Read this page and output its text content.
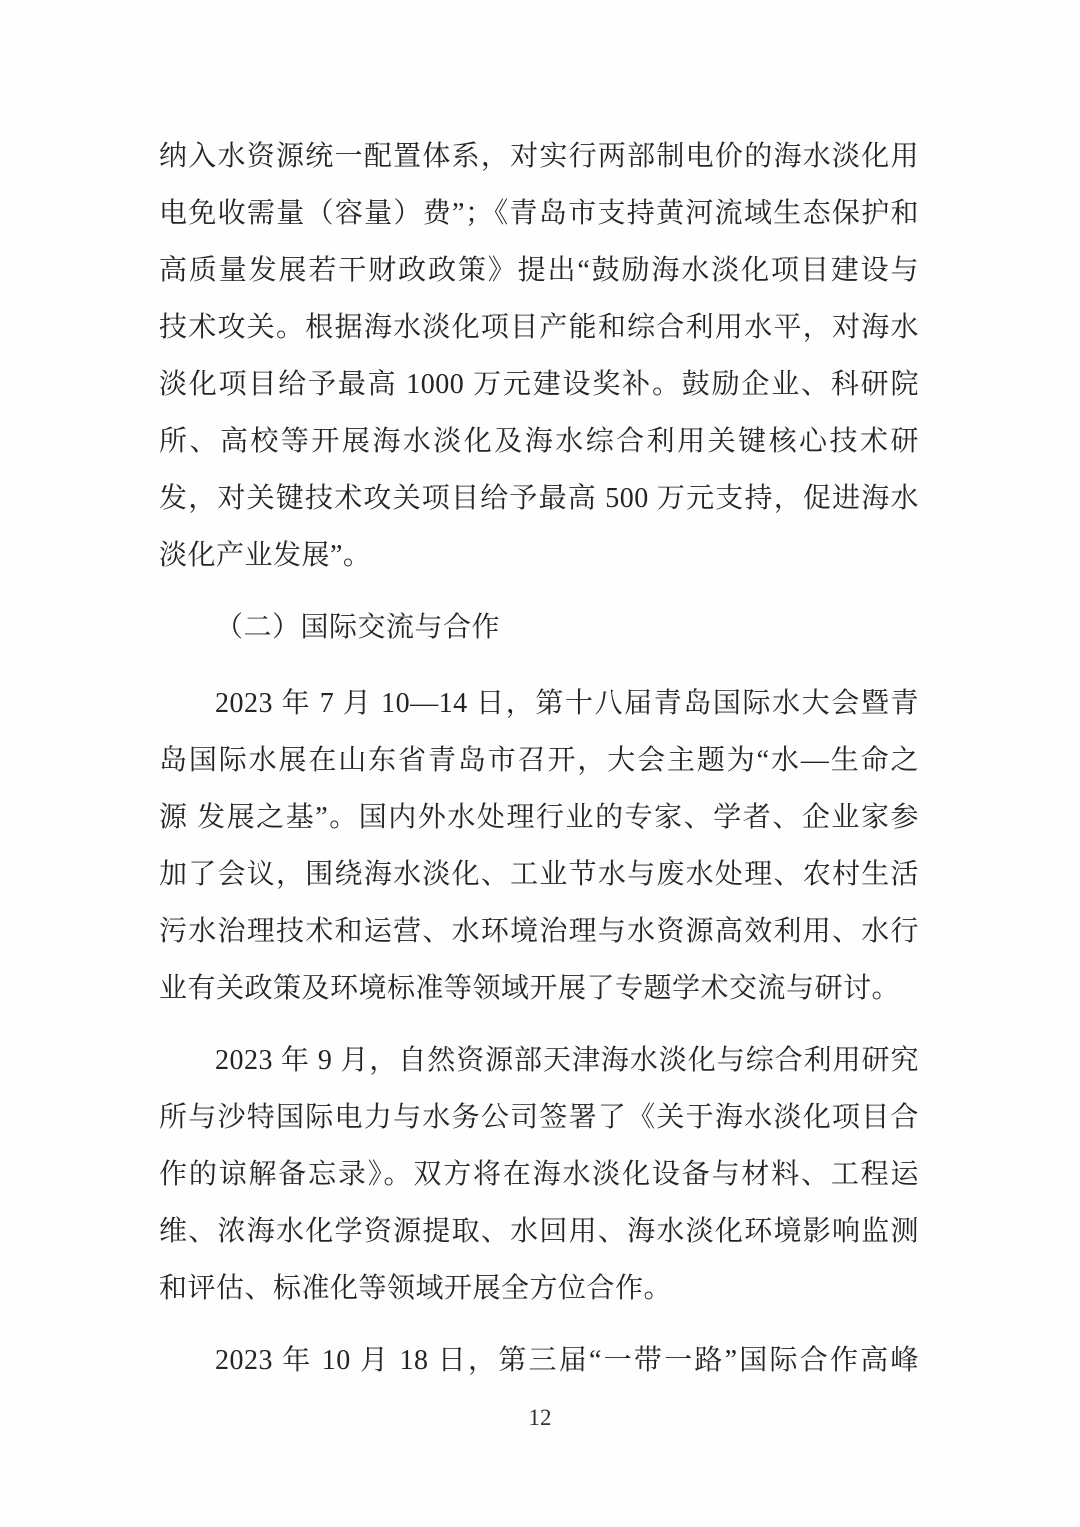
纳入水资源统一配置体系，对实行两部制电价的海水淡化用
电免收需量（容量）费”；《青岛市支持黄河流域生态保护和
高质量发展若干财政政策》提出“鼓励海水淡化项目建设与
技术攻关。根据海水淡化项目产能和综合利用水平，对海水
淡化项目给予最高 1000 万元建设奖补。鼓励企业、科研院
所、高校等开展海水淡化及海水综合利用关键核心技术研
发，对关键技术攻关项目给予最高 500 万元支持，促进海水
淡化产业发展”。
（二）国际交流与合作
2023 年 7 月 10—14 日，第十八届青岛国际水大会暨青
岛国际水展在山东省青岛市召开，大会主题为“水—生命之
源 发展之基”。国内外水处理行业的专家、学者、企业家参
加了会议，围绕海水淡化、工业节水与废水处理、农村生活
污水治理技术和运营、水环境治理与水资源高效利用、水行
业有关政策及环境标准等领域开展了专题学术交流与研讨。
2023 年 9 月，自然资源部天津海水淡化与综合利用研究
所与沙特国际电力与水务公司签署了《关于海水淡化项目合
作的谅解备忘录》。双方将在海水淡化设备与材料、工程运
维、浓海水化学资源提取、水回用、海水淡化环境影响监测
和评估、标准化等领域开展全方位合作。
2023 年 10 月 18 日，第三届“一带一路”国际合作高峰
12
